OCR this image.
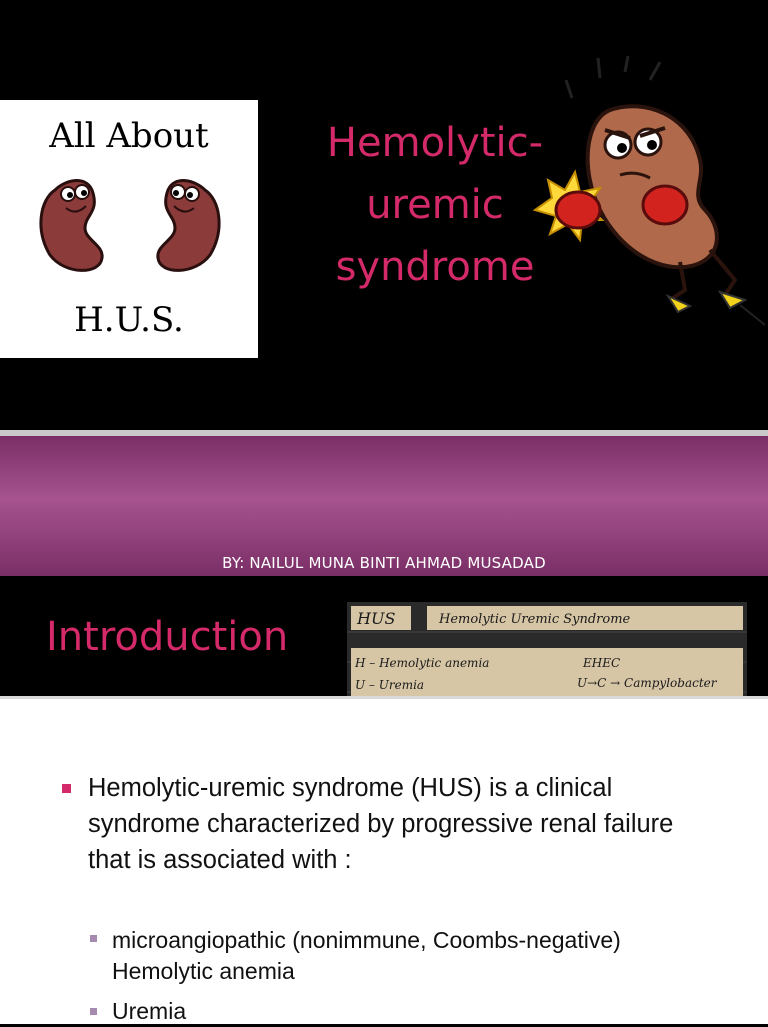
All About
H.U.S.
Hemolytic-
uremic
syndrome
BY: NAILUL MUNA BINTI AHMAD MUSADAD
Introduction	HUS	Hemolytic Uremic Syndrome
H – Hemolytic anemia	EHEC
U – Uremia	U→C → Campylobacter
Hemolytic-uremic syndrome (HUS) is a clinical syndrome characterized by progressive renal failure that is associated with :
microangiopathic (nonimmune, Coombs-negative) Hemolytic anemia
Uremia
